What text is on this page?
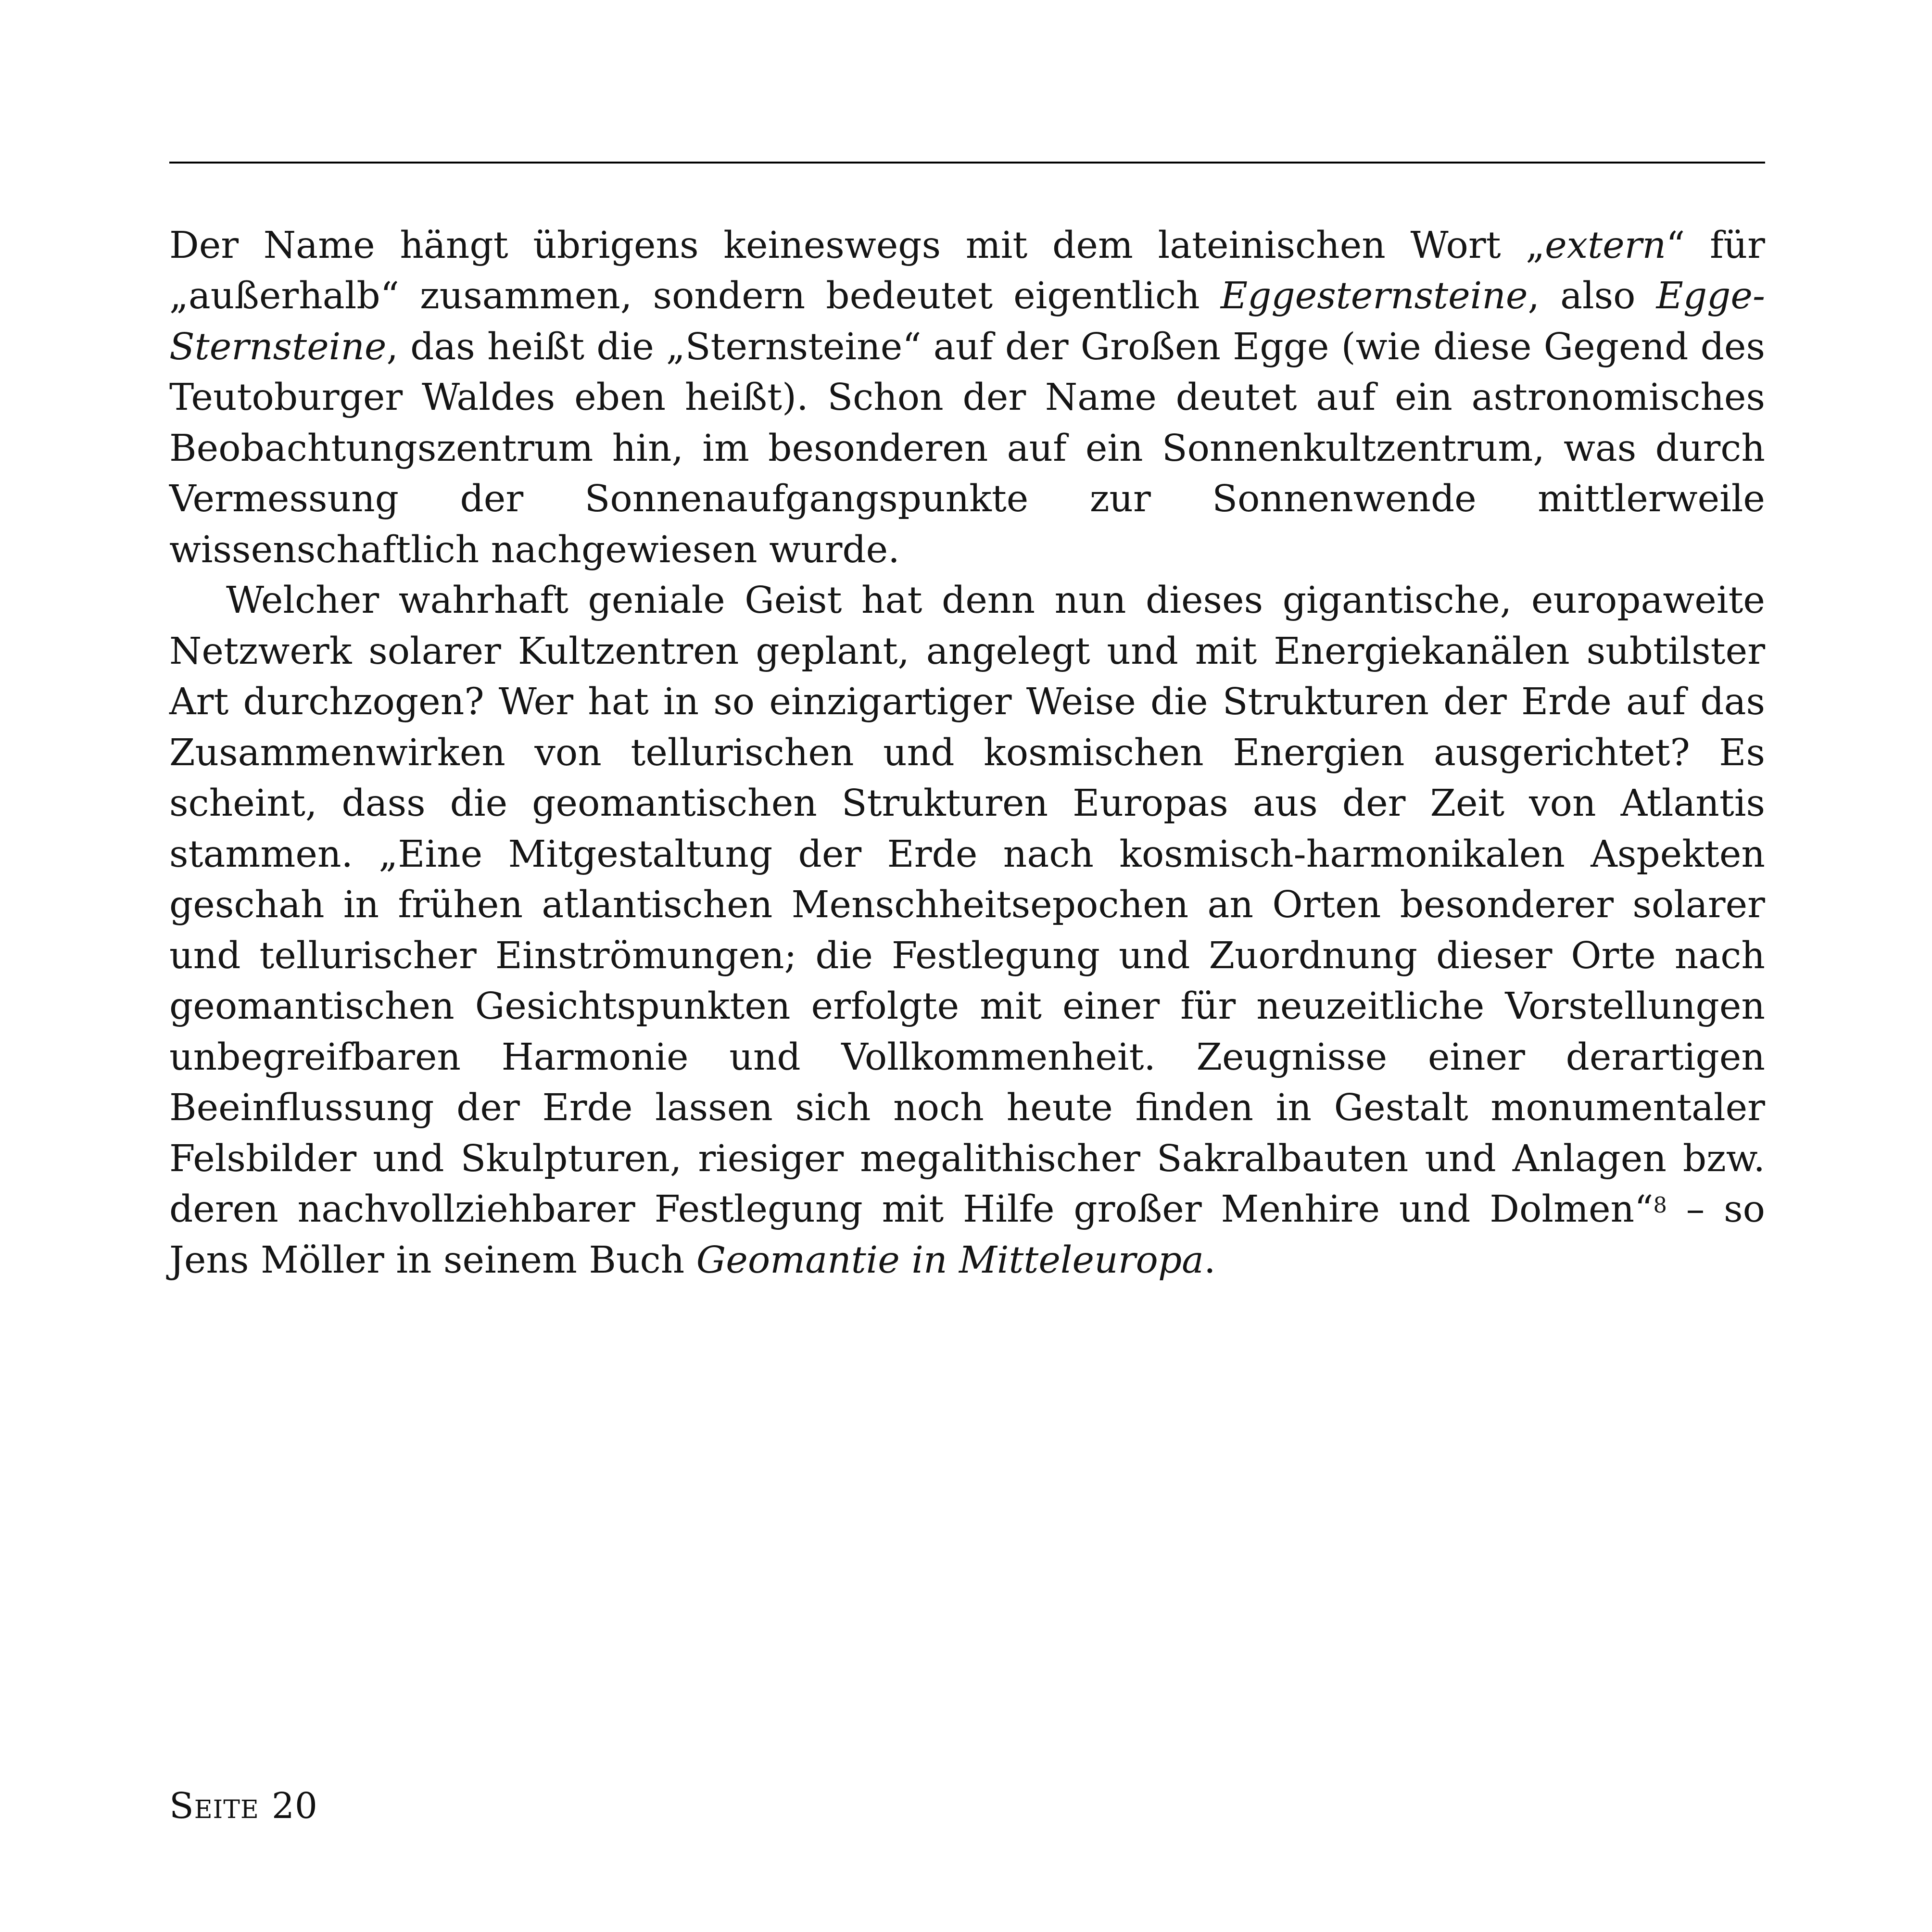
Der Name hängt übrigens keineswegs mit dem lateinischen Wort „extern“ für „außerhalb“ zusammen, sondern bedeutet eigentlich Eggesternsteine, also Egge-Sternsteine, das heißt die „Sternsteine“ auf der Großen Egge (wie diese Gegend des Teutoburger Waldes eben heißt). Schon der Name deutet auf ein astronomisches Beobachtungszentrum hin, im besonderen auf ein Sonnenkultzentrum, was durch Vermessung der Sonnenaufgangspunkte zur Sonnenwende mittlerweile wissenschaftlich nachgewiesen wurde.

Welcher wahrhaft geniale Geist hat denn nun dieses gigantische, europaweite Netzwerk solarer Kultzentren geplant, angelegt und mit Energiekanälen subtilster Art durchzogen? Wer hat in so einzigartiger Weise die Strukturen der Erde auf das Zusammenwirken von tellurischen und kosmischen Energien ausgerichtet? Es scheint, dass die geomantischen Strukturen Europas aus der Zeit von Atlantis stammen. „Eine Mitgestaltung der Erde nach kosmisch-harmonikalen Aspekten geschah in frühen atlantischen Menschheitsepochen an Orten besonderer solarer und tellurischer Einströmungen; die Festlegung und Zuordnung dieser Orte nach geomantischen Gesichtspunkten erfolgte mit einer für neuzeitliche Vorstellungen unbegreifbaren Harmonie und Vollkommenheit. Zeugnisse einer derartigen Beeinflussung der Erde lassen sich noch heute finden in Gestalt monumentaler Felsbilder und Skulpturen, riesiger megalithischer Sakralbauten und Anlagen bzw. deren nachvollziehbarer Festlegung mit Hilfe großer Menhire und Dolmen“$^8$ – so Jens Möller in seinem Buch Geomantie in Mitteleuropa.

Seite 20
